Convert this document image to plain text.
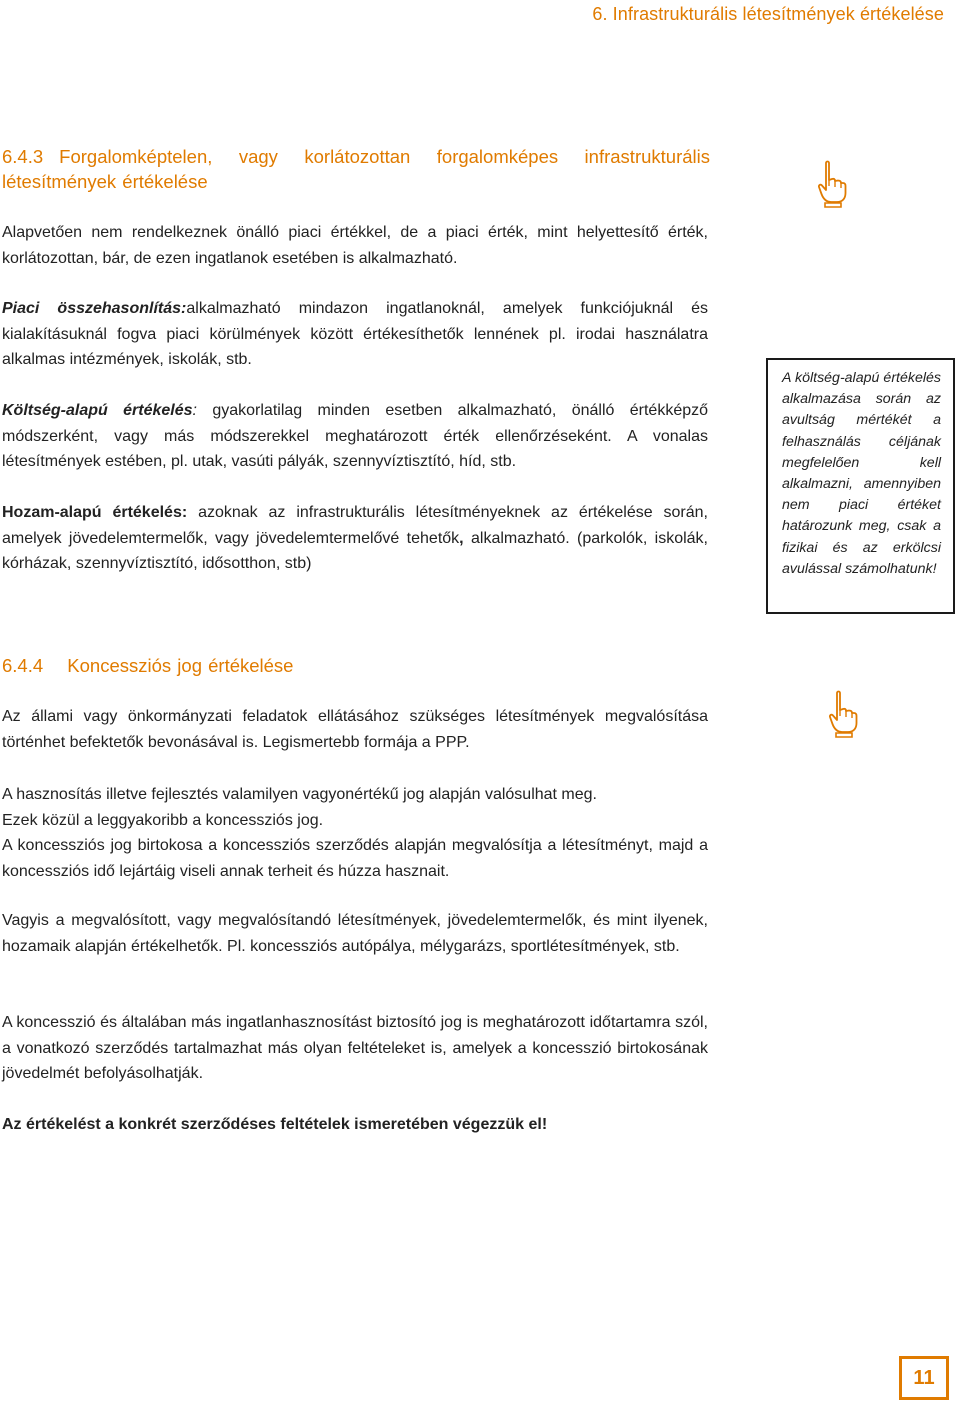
6. Infrastrukturális létesítmények értékelése
6.4.3 Forgalomképtelen, vagy korlátozottan forgalomképes infrastrukturális
létesítmények értékelése
Alapvetően nem rendelkeznek önálló piaci értékkel, de a piaci érték, mint helyettesítő érték, korlátozottan, bár, de ezen ingatlanok esetében is alkalmazható.
Piaci összehasonlítás:alkalmazható mindazon ingatlanoknál, amelyek funkciójuknál és kialakításuknál fogva piaci körülmények között értékesíthetők lennének pl. irodai használatra alkalmas intézmények, iskolák, stb.
Költség-alapú értékelés: gyakorlatilag minden esetben alkalmazható, önálló értékképző módszerként, vagy más módszerekkel meghatározott érték ellenőrzéseként. A vonalas létesítmények estében, pl. utak, vasúti pályák, szennyvíztisztító, híd, stb.
Hozam-alapú értékelés: azoknak az infrastrukturális létesítményeknek az értékelése során, amelyek jövedelemtermelők, vagy jövedelemtermelővé tehetők, alkalmazható. (parkolók, iskolák, kórházak, szennyvíztisztító, idősotthon, stb)
A költség-alapú értékelés alkalmazása során az avultság mértékét a felhasználás céljának megfelelően kell alkalmazni, amennyiben nem piaci értéket határozunk meg, csak a fizikai és az erkölcsi avulással számolhatunk!
6.4.4 Koncessziós jog értékelése
Az állami vagy önkormányzati feladatok ellátásához szükséges létesítmények megvalósítása történhet befektetők bevonásával is. Legismertebb formája a PPP.
A hasznosítás illetve fejlesztés valamilyen vagyonértékű jog alapján valósulhat meg.
Ezek közül a leggyakoribb a koncessziós jog.
A koncessziós jog birtokosa a koncessziós szerződés alapján megvalósítja a létesítményt, majd a koncessziós idő lejártáig viseli annak terheit és húzza hasznait.
Vagyis a megvalósított, vagy megvalósítandó létesítmények, jövedelemtermelők, és mint ilyenek, hozamaik alapján értékelhetők. Pl. koncessziós autópálya, mélygarázs, sportlétesítmények, stb.
A koncesszió és általában más ingatlanhasznosítást biztosító jog is meghatározott időtartamra szól, a vonatkozó szerződés tartalmazhat más olyan feltételeket is, amelyek a koncesszió birtokosának jövedelmét befolyásolhatják.
Az értékelést a konkrét szerződéses feltételek ismeretében végezzük el!
11
